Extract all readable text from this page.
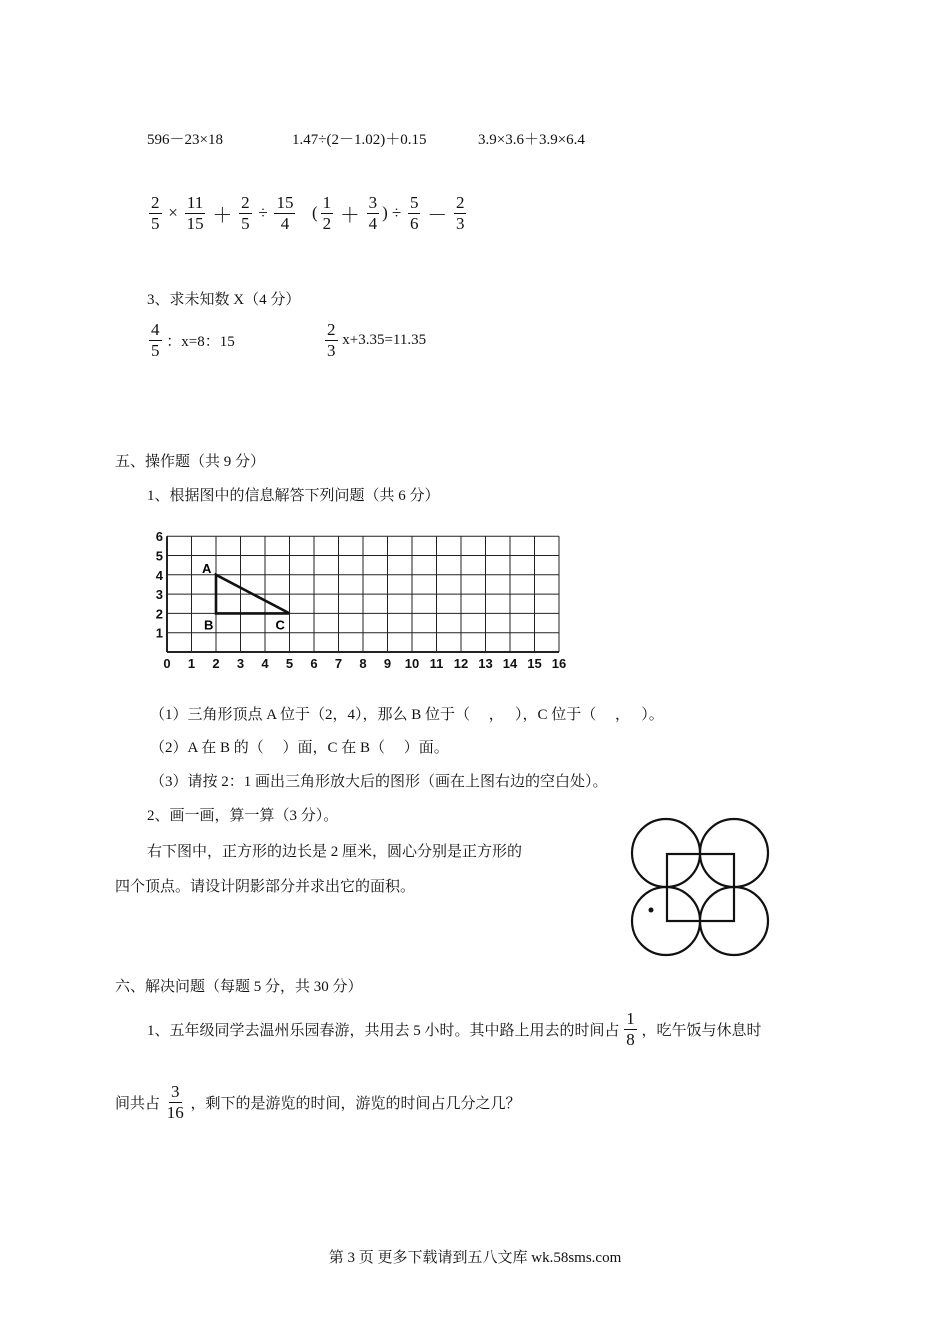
596－23×18	1.47÷(2－1.02)＋0.15	3.9×3.6＋3.9×6.4
$\frac{2}{5} \times \frac{11}{15} + \frac{2}{5} \div \frac{15}{4}$ ( $\frac{1}{2} + \frac{3}{4}$ ) ÷ $\frac{5}{6} - \frac{2}{3}$
3、求未知数 X（4 分）
$\frac{4}{5}$ ：x=8：15	$\frac{2}{3} x+3.35=11.35$
五、操作题（共 9 分）
1、根据图中的信息解答下列问题（共 6 分）
0 1 2 3 4 5 6 7 8 9 10 11 12 13 14 15 16
1
2
3
4
5
6
A
B	C
（1）三角形顶点 A 位于（2，4），那么 B 位于（　 ，　 ），C 位于（　 ，　 ）。
（2）A 在 B 的（　 ）面，C 在 B（　 ）面。
（3）请按 2：1 画出三角形放大后的图形（画在上图右边的空白处）。
2、画一画，算一算（3 分）。
右下图中，正方形的边长是 2 厘米，圆心分别是正方形的
四个顶点。请设计阴影部分并求出它的面积。
六、解决问题（每题 5 分，共 30 分）
1、五年级同学去温州乐园春游，共用去 5 小时。其中路上用去的时间占 $\frac{1}{8}$ ，吃午饭与休息时
间共占 $\frac{3}{16}$ ，剩下的是游览的时间，游览的时间占几分之几？
第 3 页 更多下载请到五八文库 wk.58sms.com
